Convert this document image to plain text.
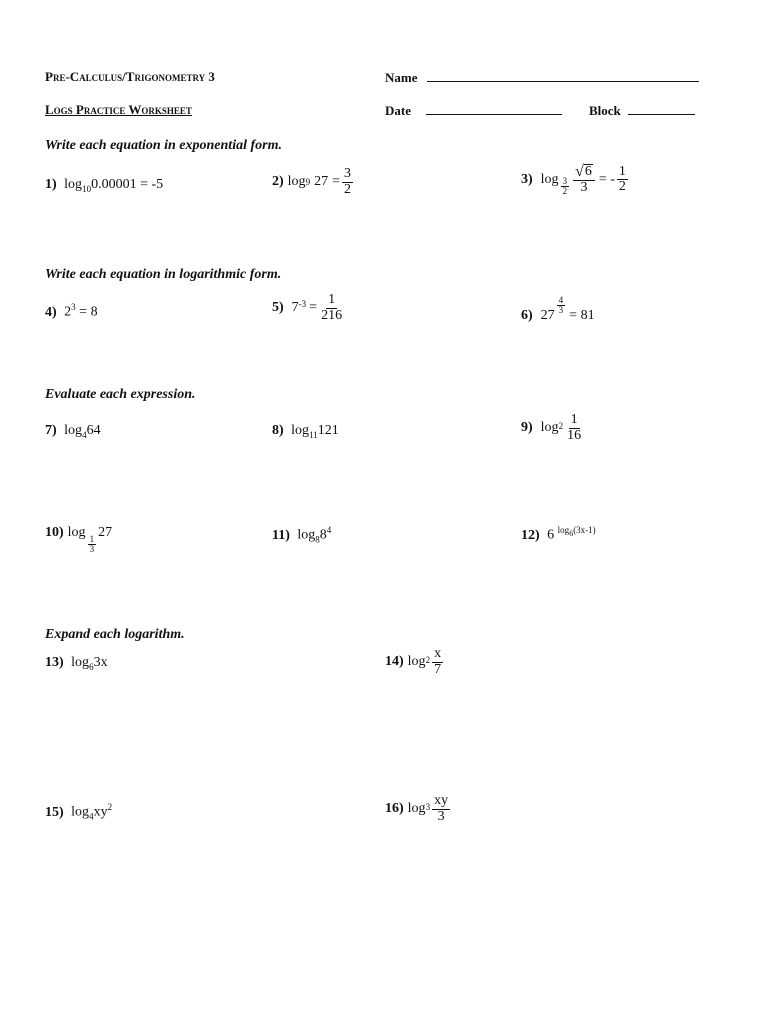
Pre-Calculus/Trigonometry 3
Logs Practice Worksheet
Name
Date	Block
Write each equation in exponential form.
1) $\log_{10}0.00001 = -5$	2) log 9 $27 = \frac{3}{2}$	3) $\log \frac{3}{2} \frac{√ 6}{3}$ = - $\frac{1}{2}$
Write each equation in logarithmic form.
4) $2^3 = 8$	5) $7^{-3} = \frac{1}{216}$	6) $27 \frac{4}{3} = 81$
Evaluate each expression.
7) $\log_464$	8) $\log_{11}121$	9) $\log 2 \frac{1}{16}$
10) log
$\frac{1}{3}$
27	11) $\log_88^4$	12) 6 $^{log_6(3x-1)}$
Expand each logarithm.
13) $\log_63x$	14) $\log 2 \frac{x}{7}$
15) $\log_4xy^2$	16) $\log 3 \frac{xy}{3}$
